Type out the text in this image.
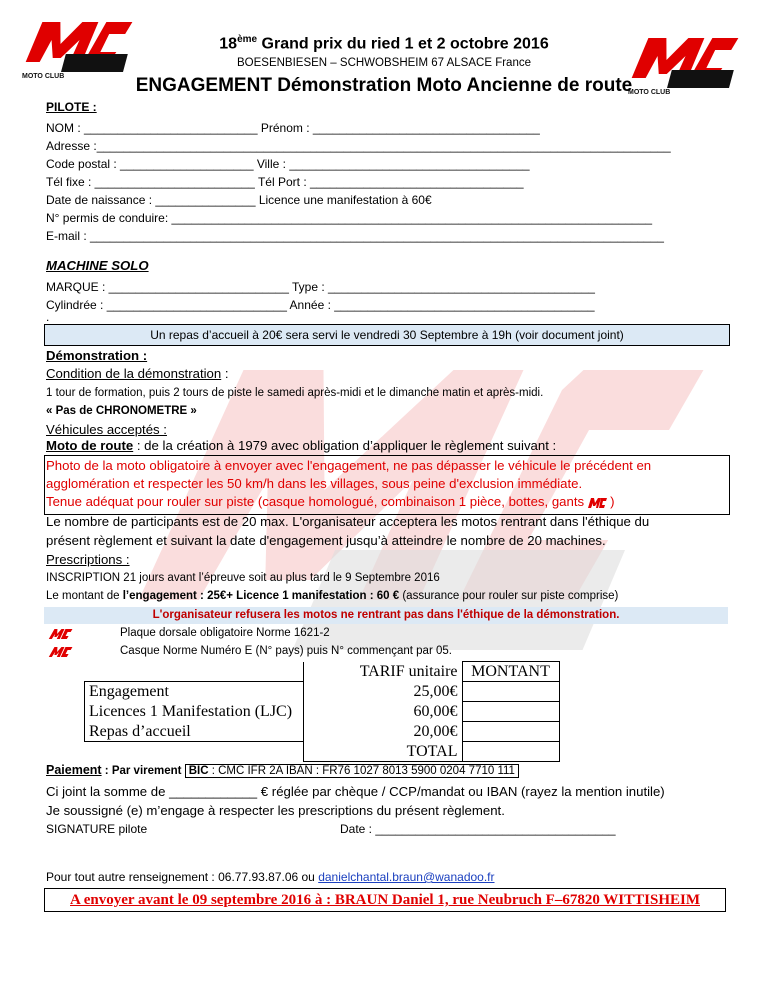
MOTO CLUB
MOTO CLUB
18ème Grand prix du ried 1 et 2 octobre 2016
BOESENBIESEN – SCHWOBSHEIM 67 ALSACE France
ENGAGEMENT Démonstration Moto Ancienne de route
PILOTE :
NOM : __________________________ Prénom : __________________________________
Adresse :______________________________________________________________________________________
Code postal : ____________________ Ville : ____________________________________
Tél fixe : ________________________ Tél Port : ________________________________
Date de naissance : _______________ Licence une manifestation à 60€
N° permis de conduire: ________________________________________________________________________
E-mail : ______________________________________________________________________________________
MACHINE SOLO
MARQUE : ___________________________ Type : ________________________________________
Cylindrée : ___________________________ Année : _______________________________________
.
Un repas d’accueil à 20€ sera servi le vendredi 30 Septembre à 19h (voir document joint)
Démonstration :
Condition de la démonstration :
1 tour de formation, puis 2 tours de piste le samedi après-midi et le dimanche matin et après-midi.
« Pas de CHRONOMETRE »
Véhicules acceptés :
Moto de route : de la création à 1979 avec obligation d’appliquer le règlement suivant :
Photo de la moto obligatoire à envoyer avec l'engagement, ne pas dépasser le véhicule le précédent en
agglomération et respecter les 50 km/h dans les villages, sous peine d'exclusion immédiate.
Tenue adéquat pour rouler sur piste (casque homologué, combinaison 1 pièce, bottes, gants )
Le nombre de participants est de 20 max. L'organisateur acceptera les motos rentrant dans l'éthique du
présent règlement et suivant la date d'engagement jusqu’à atteindre le nombre de 20 machines.
Prescriptions :
INSCRIPTION 21 jours avant l’épreuve soit au plus tard le 9 Septembre 2016
Le montant de l’engagement : 25€+ Licence 1 manifestation : 60 € (assurance pour rouler sur piste comprise)
L'organisateur refusera les motos ne rentrant pas dans l'éthique de la démonstration.
Plaque dorsale obligatoire Norme 1621-2
Casque Norme Numéro E (N° pays) puis N° commençant par 05.
	TARIF unitaire	MONTANT
Engagement	25,00€	
Licences 1 Manifestation (LJC)	60,00€	
Repas d’accueil	20,00€	
	TOTAL	
Paiement : Par virement BIC : CMC IFR 2A IBAN : FR76 1027 8013 5900 0204 7710 111
Ci joint la somme de ____________ € réglée par chèque / CCP/mandat ou IBAN (rayez la mention inutile)
Je soussigné (e) m’engage à respecter les prescriptions du présent règlement.
SIGNATURE pilote	Date : ____________________________________
Pour tout autre renseignement : 06.77.93.87.06 ou danielchantal.braun@wanadoo.fr
A envoyer avant le 09 septembre 2016 à : BRAUN Daniel 1, rue Neubruch F–67820 WITTISHEIM
